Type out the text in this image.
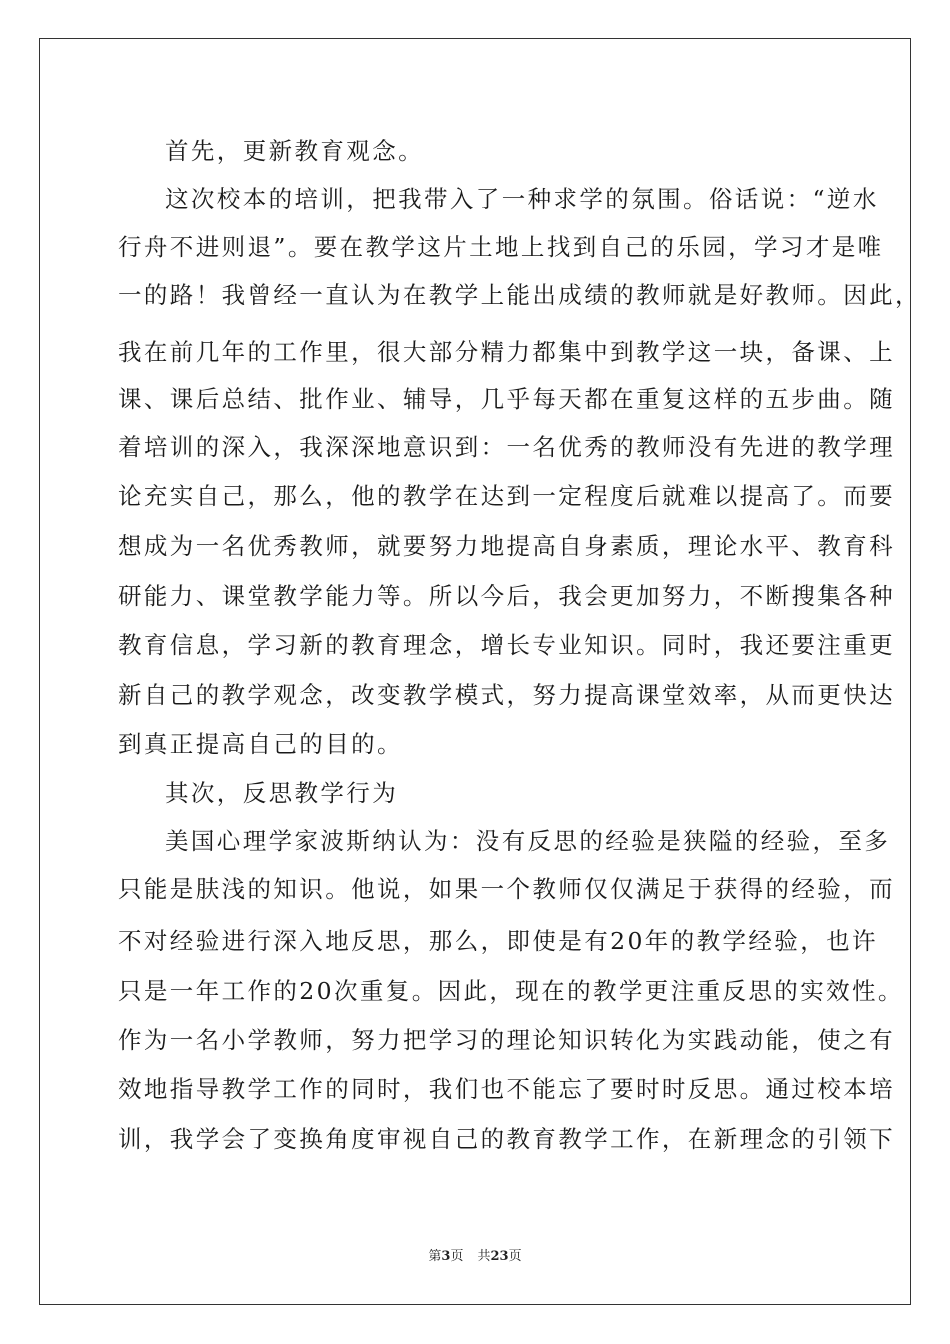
首先，更新教育观念。
这次校本的培训，把我带入了一种求学的氛围。俗话说：“逆水
行舟不进则退”。要在教学这片土地上找到自己的乐园，学习才是唯
一的路！我曾经一直认为在教学上能出成绩的教师就是好教师。因此，
我在前几年的工作里，很大部分精力都集中到教学这一块，备课、上
课、课后总结、批作业、辅导，几乎每天都在重复这样的五步曲。随
着培训的深入，我深深地意识到：一名优秀的教师没有先进的教学理
论充实自己，那么，他的教学在达到一定程度后就难以提高了。而要
想成为一名优秀教师，就要努力地提高自身素质，理论水平、教育科
研能力、课堂教学能力等。所以今后，我会更加努力，不断搜集各种
教育信息，学习新的教育理念，增长专业知识。同时，我还要注重更
新自己的教学观念，改变教学模式，努力提高课堂效率，从而更快达
到真正提高自己的目的。
其次，反思教学行为
美国心理学家波斯纳认为：没有反思的经验是狭隘的经验，至多
只能是肤浅的知识。他说，如果一个教师仅仅满足于获得的经验，而
不对经验进行深入地反思，那么，即使是有20年的教学经验，也许
只是一年工作的20次重复。因此，现在的教学更注重反思的实效性。
作为一名小学教师，努力把学习的理论知识转化为实践动能，使之有
效地指导教学工作的同时，我们也不能忘了要时时反思。通过校本培
训，我学会了变换角度审视自己的教育教学工作，在新理念的引领下
第3页 共23页
